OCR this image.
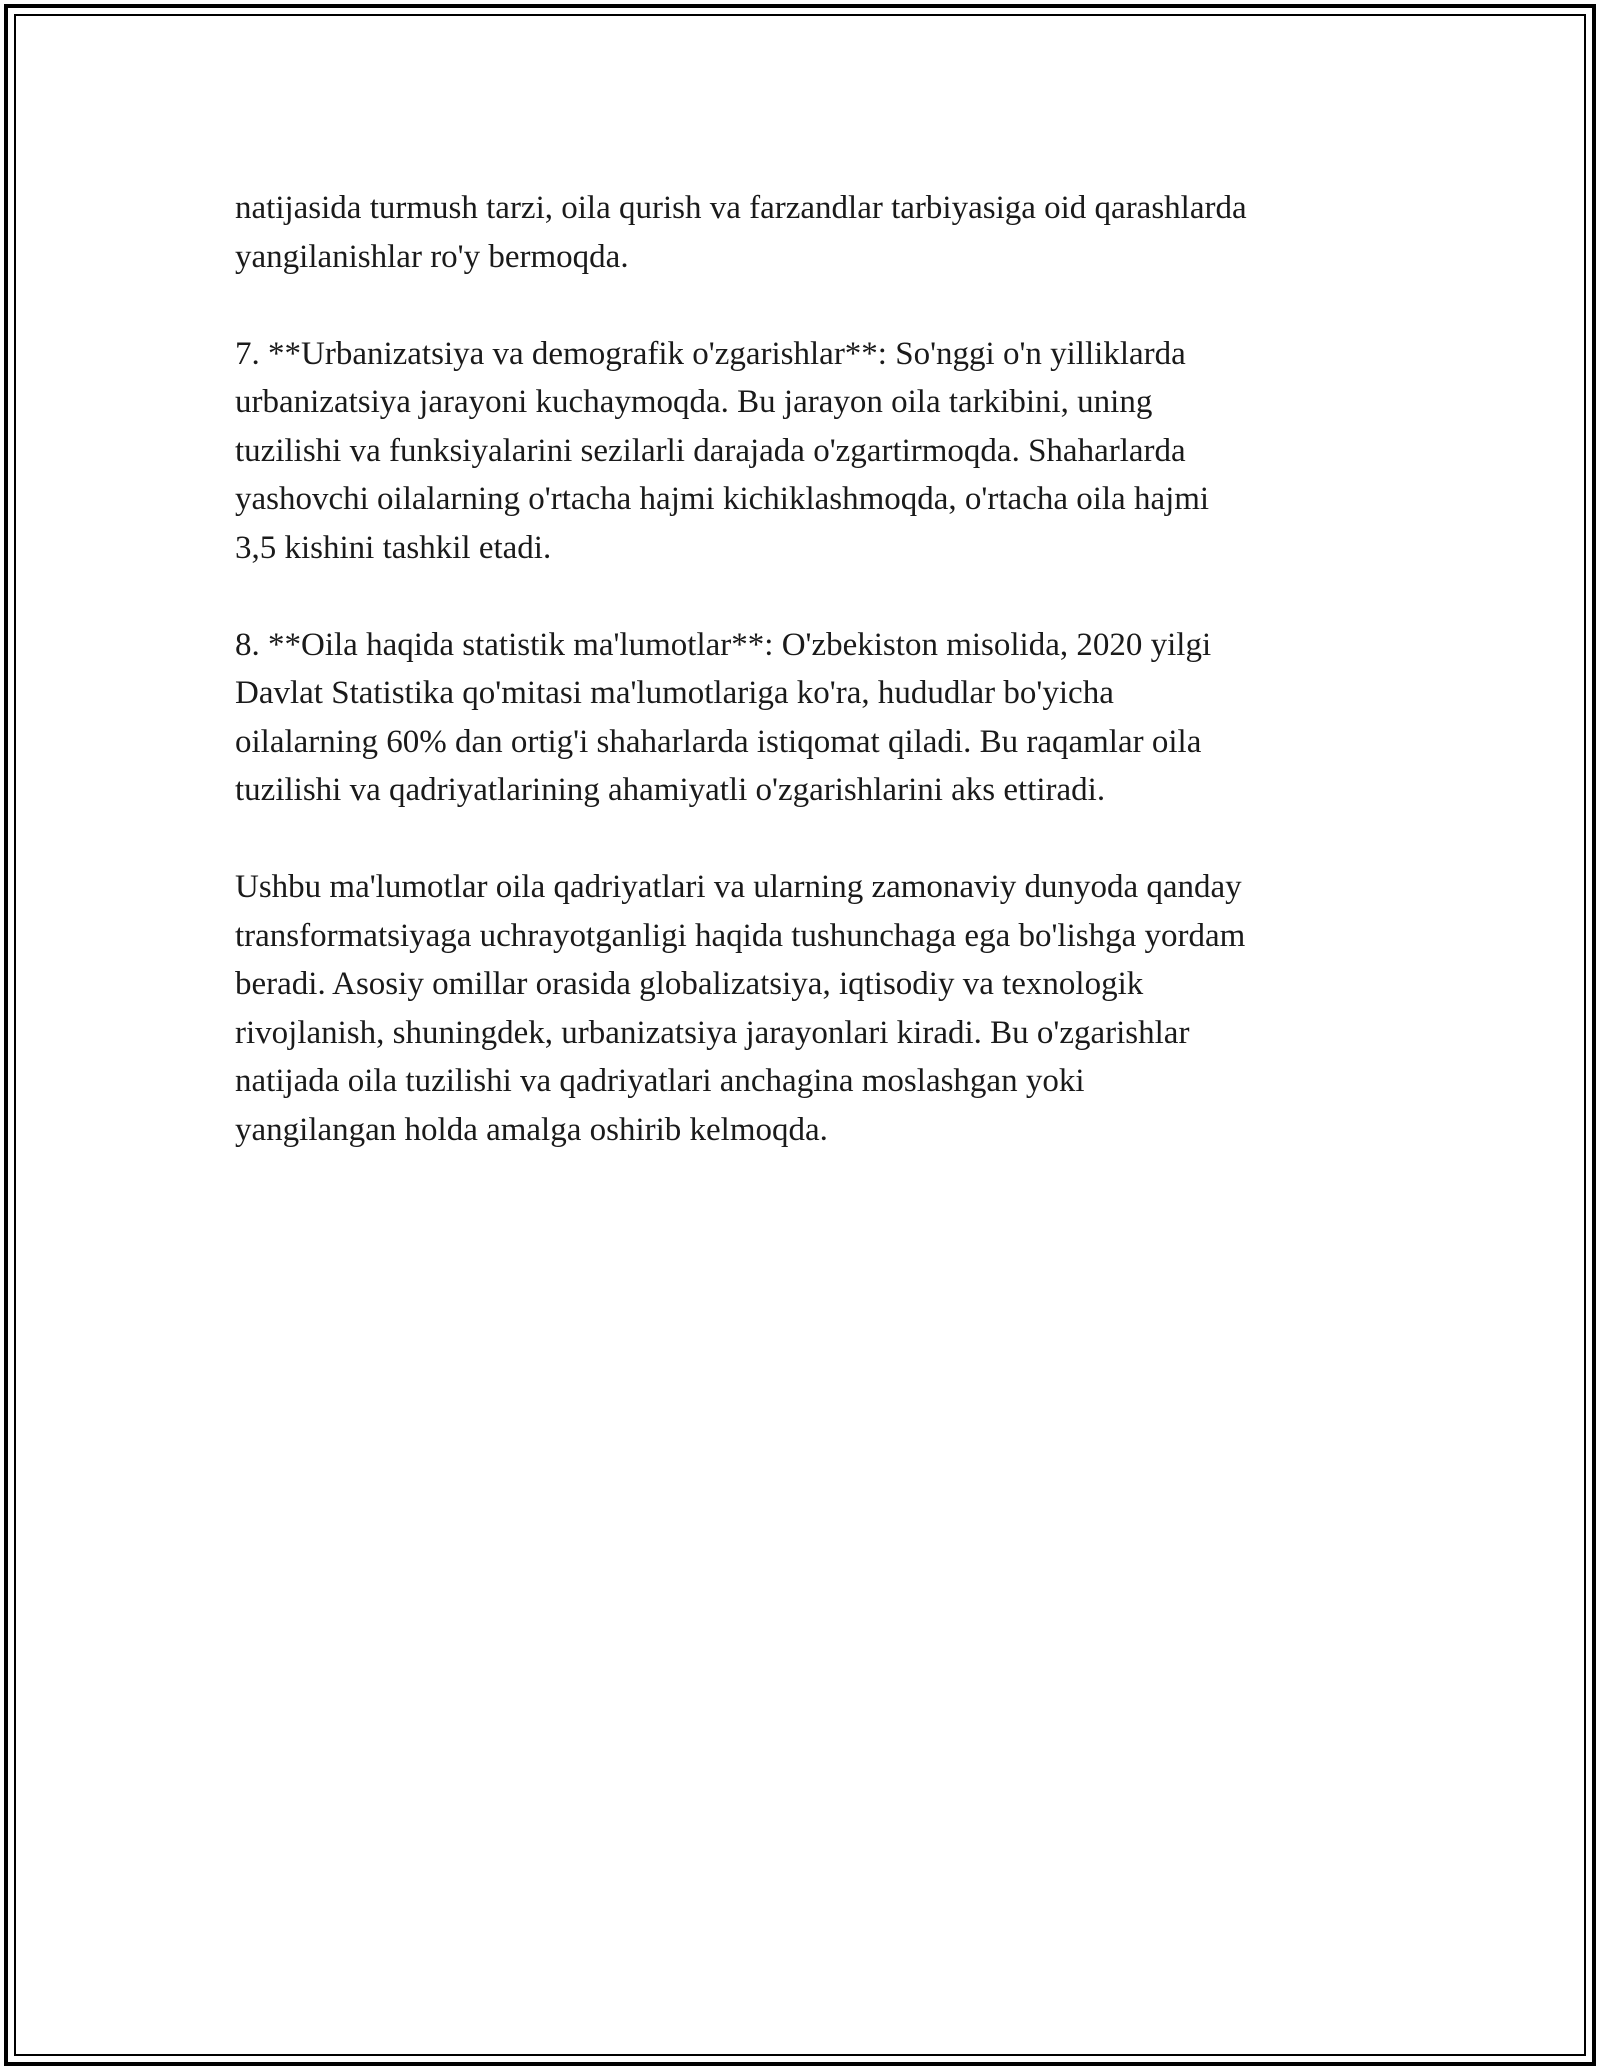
natijasida turmush tarzi, oila qurish va farzandlar tarbiyasiga oid qarashlarda
yangilanishlar ro'y bermoqda.

7. **Urbanizatsiya va demografik o'zgarishlar**: So'nggi o'n yilliklarda
urbanizatsiya jarayoni kuchaymoqda. Bu jarayon oila tarkibini, uning
tuzilishi va funksiyalarini sezilarli darajada o'zgartirmoqda. Shaharlarda
yashovchi oilalarning o'rtacha hajmi kichiklashmoqda, o'rtacha oila hajmi
3,5 kishini tashkil etadi.

8. **Oila haqida statistik ma'lumotlar**: O'zbekiston misolida, 2020 yilgi
Davlat Statistika qo'mitasi ma'lumotlariga ko'ra, hududlar bo'yicha
oilalarning 60% dan ortig'i shaharlarda istiqomat qiladi. Bu raqamlar oila
tuzilishi va qadriyatlarining ahamiyatli o'zgarishlarini aks ettiradi.

Ushbu ma'lumotlar oila qadriyatlari va ularning zamonaviy dunyoda qanday
transformatsiyaga uchrayotganligi haqida tushunchaga ega bo'lishga yordam
beradi. Asosiy omillar orasida globalizatsiya, iqtisodiy va texnologik
rivojlanish, shuningdek, urbanizatsiya jarayonlari kiradi. Bu o'zgarishlar
natijada oila tuzilishi va qadriyatlari anchagina moslashgan yoki
yangilangan holda amalga oshirib kelmoqda.
